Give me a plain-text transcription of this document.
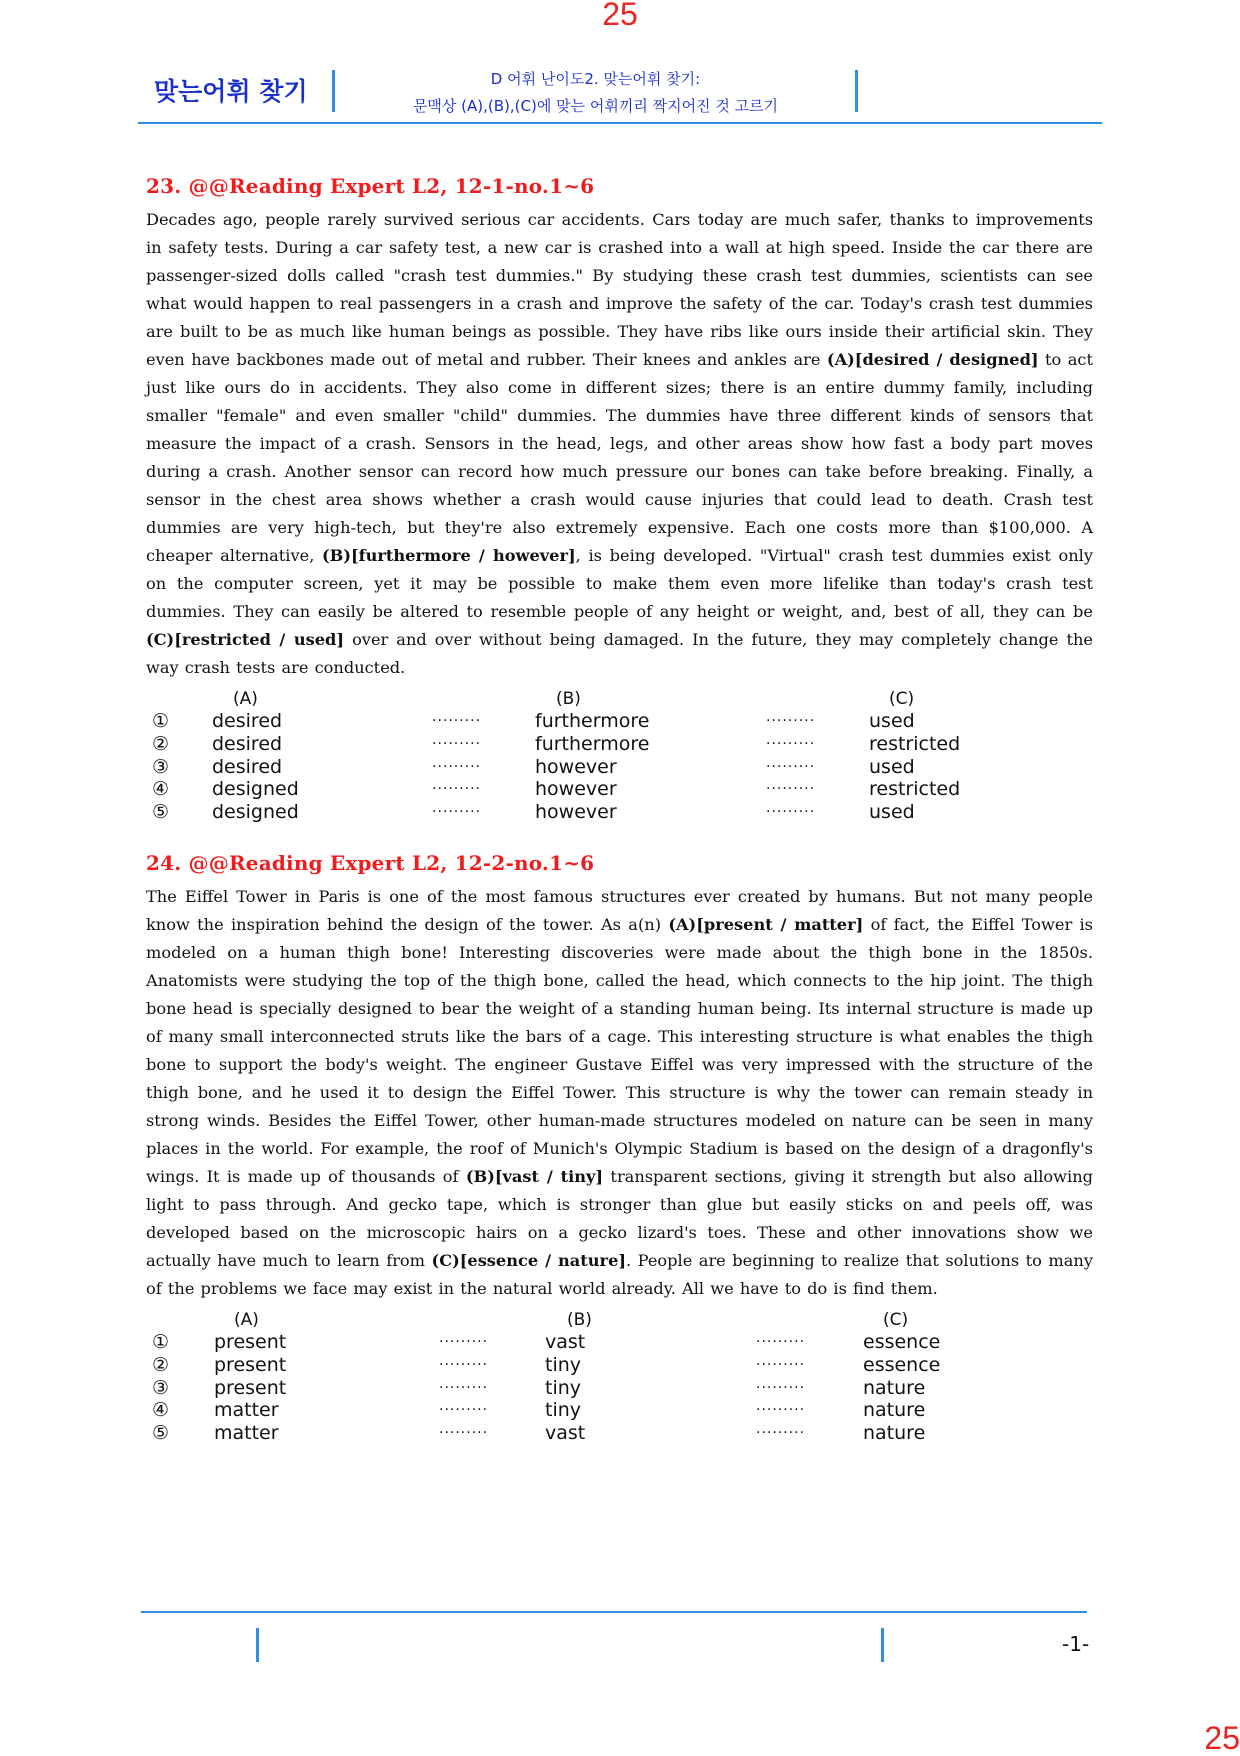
25
맞는어휘 찾기	D 어휘 난이도2. 맞는어휘 찾기:
문맥상 (A),(B),(C)에 맞는 어휘끼리 짝지어진 것 고르기
23. @@Reading Expert L2, 12-1-no.1~6

Decades ago, people rarely survived serious car accidents. Cars today are much safer, thanks to improvements in safety tests. During a car safety test, a new car is crashed into a wall at high speed. Inside the car there are passenger-sized dolls called "crash test dummies." By studying these crash test dummies, scientists can see what would happen to real passengers in a crash and improve the safety of the car. Today's crash test dummies are built to be as much like human beings as possible. They have ribs like ours inside their artificial skin. They even have backbones made out of metal and rubber. Their knees and ankles are (A)[desired / designed] to act just like ours do in accidents. They also come in different sizes; there is an entire dummy family, including smaller "female" and even smaller "child" dummies. The dummies have three different kinds of sensors that measure the impact of a crash. Sensors in the head, legs, and other areas show how fast a body part moves during a crash. Another sensor can record how much pressure our bones can take before breaking. Finally, a sensor in the chest area shows whether a crash would cause injuries that could lead to death. Crash test dummies are very high-tech, but they're also extremely expensive. Each one costs more than $100,000. A cheaper alternative, (B)[furthermore / however], is being developed. "Virtual" crash test dummies exist only on the computer screen, yet it may be possible to make them even more lifelike than today's crash test dummies. They can easily be altered to resemble people of any height or weight, and, best of all, they can be (C)[restricted / used] over and over without being damaged. In the future, they may completely change the way crash tests are conducted.

(A)	(B)	(C)
① desired	·········	furthermore	·········	used
② desired	·········	furthermore	·········	restricted
③ desired	·········	however	·········	used
④ designed	·········	however	·········	restricted
⑤ designed	·········	however	·········	used
24. @@Reading Expert L2, 12-2-no.1~6

The Eiffel Tower in Paris is one of the most famous structures ever created by humans. But not many people know the inspiration behind the design of the tower. As a(n) (A)[present / matter] of fact, the Eiffel Tower is modeled on a human thigh bone! Interesting discoveries were made about the thigh bone in the 1850s. Anatomists were studying the top of the thigh bone, called the head, which connects to the hip joint. The thigh bone head is specially designed to bear the weight of a standing human being. Its internal structure is made up of many small interconnected struts like the bars of a cage. This interesting structure is what enables the thigh bone to support the body's weight. The engineer Gustave Eiffel was very impressed with the structure of the thigh bone, and he used it to design the Eiffel Tower. This structure is why the tower can remain steady in strong winds. Besides the Eiffel Tower, other human-made structures modeled on nature can be seen in many places in the world. For example, the roof of Munich's Olympic Stadium is based on the design of a dragonfly's wings. It is made up of thousands of (B)[vast / tiny] transparent sections, giving it strength but also allowing light to pass through. And gecko tape, which is stronger than glue but easily sticks on and peels off, was developed based on the microscopic hairs on a gecko lizard's toes. These and other innovations show we actually have much to learn from (C)[essence / nature]. People are beginning to realize that solutions to many of the problems we face may exist in the natural world already. All we have to do is find them.

(A)	(B)	(C)
① present	·········	vast	·········	essence
② present	·········	tiny	·········	essence
③ present	·········	tiny	·········	nature
④ matter	·········	tiny	·········	nature
⑤ matter	·········	vast	·········	nature
-1-
25
